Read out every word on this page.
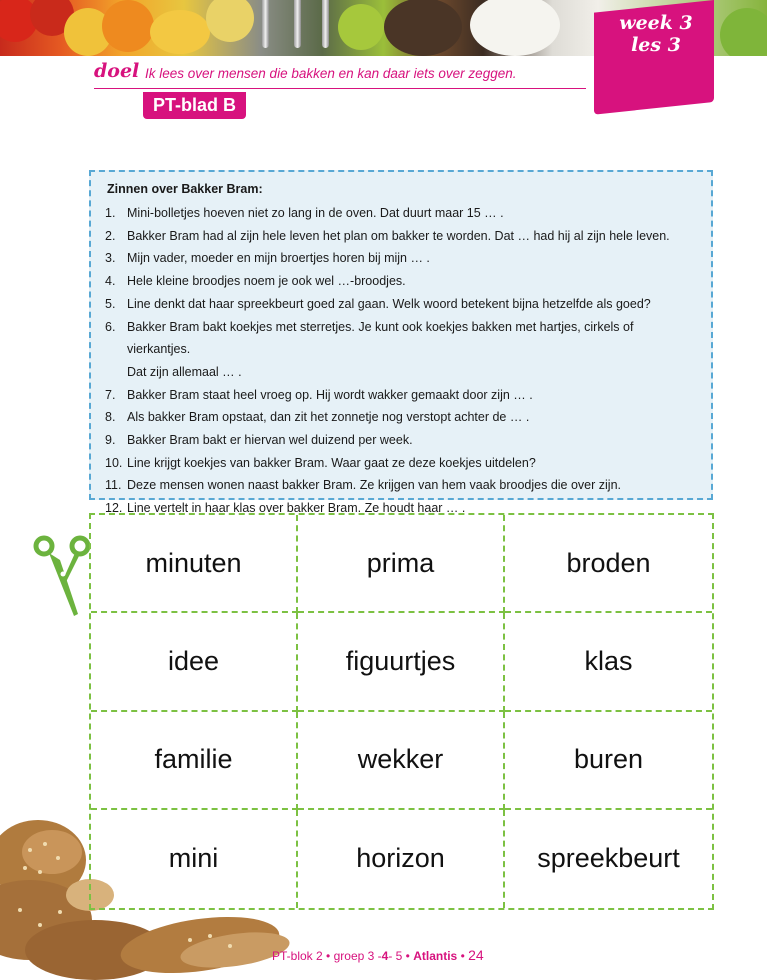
week 3
les 3
doel Ik lees over mensen die bakken en kan daar iets over zeggen.
PT-blad B
Zinnen over Bakker Bram:
1. Mini-bolletjes hoeven niet zo lang in de oven. Dat duurt maar 15 … .
2. Bakker Bram had al zijn hele leven het plan om bakker te worden. Dat … had hij al zijn hele leven.
3. Mijn vader, moeder en mijn broertjes horen bij mijn … .
4. Hele kleine broodjes noem je ook wel …-broodjes.
5. Line denkt dat haar spreekbeurt goed zal gaan. Welk woord betekent bijna hetzelfde als goed?
6. Bakker Bram bakt koekjes met sterretjes. Je kunt ook koekjes bakken met hartjes, cirkels of vierkantjes.
Dat zijn allemaal … .
7. Bakker Bram staat heel vroeg op. Hij wordt wakker gemaakt door zijn … .
8. Als bakker Bram opstaat, dan zit het zonnetje nog verstopt achter de … .
9. Bakker Bram bakt er hiervan wel duizend per week.
10. Line krijgt koekjes van bakker Bram. Waar gaat ze deze koekjes uitdelen?
11. Deze mensen wonen naast bakker Bram. Ze krijgen van hem vaak broodjes die over zijn.
12. Line vertelt in haar klas over bakker Bram. Ze houdt haar … .
minuten	prima	broden
idee	figuurtjes	klas
familie	wekker	buren
mini	horizon	spreekbeurt
PT-blok 2 • groep 3 -4- 5 • Atlantis • 24
